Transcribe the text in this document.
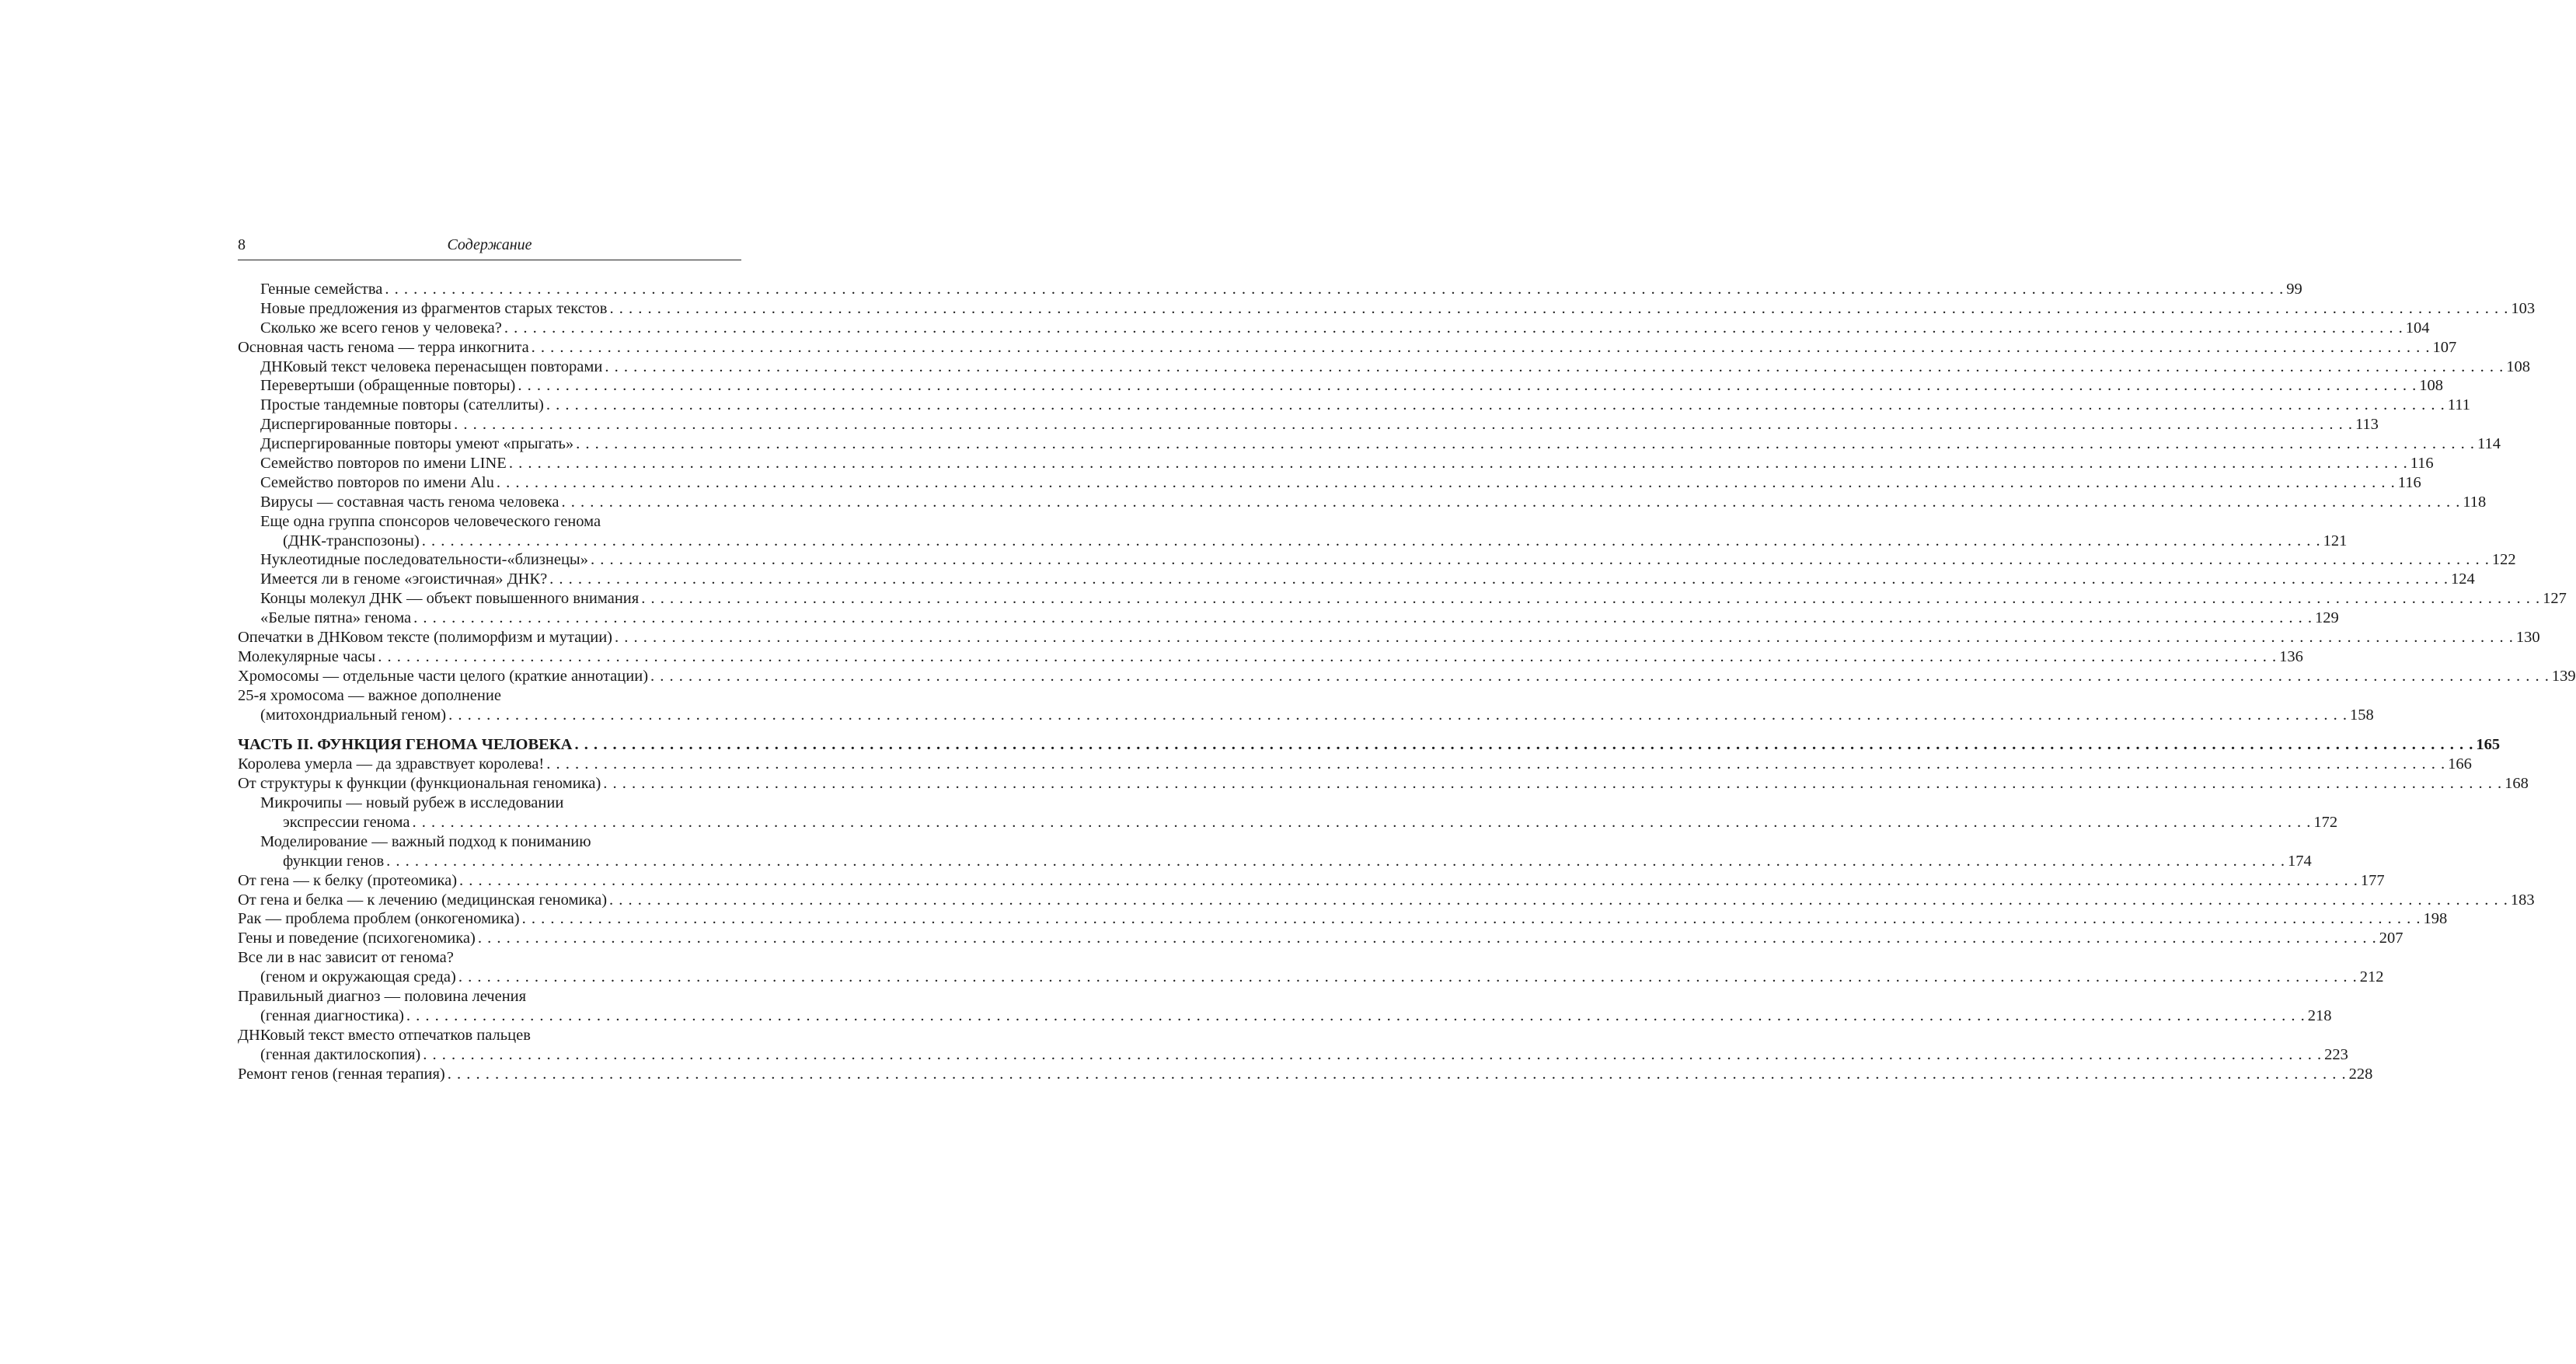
8	Содержание
Генные семейства . . . . . . . . . . . . . . . . . . . . . . . . . . . . . . . . . . . . . . . . . . . . . . . . . . . . . . . . . . . . . . . . . . . . . . . . . . . . . . . . . . . . . . . . . . . . . . . . . . . . . . . . . . . . . . . . . . . . . . . . . . . . . . . . . . . . . . . . . . . . . . . . . . . . . . . . . . . . . . . . . . . . . . . . . . . . . . . . . . . . . . . . . . . . . . . . . . . . . . . . 99
Новые предложения из фрагментов старых текстов . . . . . . . . . . . . . . . . . . . . . . . . . . . . . . . . . . . . . . . . . . . . . . . . . . . . . . . . . . . . . . . . . . . . . . . . . . . . . . . . . . . . . . . . . . . . . . . . . . . . . . . . . . . . . . . . . . . . . . . . . . . . . . . . . . . . . . . . . . . . . . . . . . . . . . . . . . . . . . . . . . . . . . . . . . . . . . . . . . . . . . . . . . . . . . . . . . . . . . . . 103
Сколько же всего генов у человека? . . . . . . . . . . . . . . . . . . . . . . . . . . . . . . . . . . . . . . . . . . . . . . . . . . . . . . . . . . . . . . . . . . . . . . . . . . . . . . . . . . . . . . . . . . . . . . . . . . . . . . . . . . . . . . . . . . . . . . . . . . . . . . . . . . . . . . . . . . . . . . . . . . . . . . . . . . . . . . . . . . . . . . . . . . . . . . . . . . . . . . . . . . . . . . . . . . . . . . . . 104
Основная часть генома — терра инкогнита . . . . . . . . . . . . . . . . . . . . . . . . . . . . . . . . . . . . . . . . . . . . . . . . . . . . . . . . . . . . . . . . . . . . . . . . . . . . . . . . . . . . . . . . . . . . . . . . . . . . . . . . . . . . . . . . . . . . . . . . . . . . . . . . . . . . . . . . . . . . . . . . . . . . . . . . . . . . . . . . . . . . . . . . . . . . . . . . . . . . . . . . . . . . . . . . . . . . . . . . 107
ДНКовый текст человека перенасыщен повторами . . . . . . . . . . . . . . . . . . . . . . . . . . . . . . . . . . . . . . . . . . . . . . . . . . . . . . . . . . . . . . . . . . . . . . . . . . . . . . . . . . . . . . . . . . . . . . . . . . . . . . . . . . . . . . . . . . . . . . . . . . . . . . . . . . . . . . . . . . . . . . . . . . . . . . . . . . . . . . . . . . . . . . . . . . . . . . . . . . . . . . . . . . . . . . . . . . . . . . . . 108
Перевертыши (обращенные повторы) . . . . . . . . . . . . . . . . . . . . . . . . . . . . . . . . . . . . . . . . . . . . . . . . . . . . . . . . . . . . . . . . . . . . . . . . . . . . . . . . . . . . . . . . . . . . . . . . . . . . . . . . . . . . . . . . . . . . . . . . . . . . . . . . . . . . . . . . . . . . . . . . . . . . . . . . . . . . . . . . . . . . . . . . . . . . . . . . . . . . . . . . . . . . . . . . . . . . . . . . 108
Простые тандемные повторы (сателлиты) . . . . . . . . . . . . . . . . . . . . . . . . . . . . . . . . . . . . . . . . . . . . . . . . . . . . . . . . . . . . . . . . . . . . . . . . . . . . . . . . . . . . . . . . . . . . . . . . . . . . . . . . . . . . . . . . . . . . . . . . . . . . . . . . . . . . . . . . . . . . . . . . . . . . . . . . . . . . . . . . . . . . . . . . . . . . . . . . . . . . . . . . . . . . . . . . . . . . . . . . 111
Диспергированные повторы . . . . . . . . . . . . . . . . . . . . . . . . . . . . . . . . . . . . . . . . . . . . . . . . . . . . . . . . . . . . . . . . . . . . . . . . . . . . . . . . . . . . . . . . . . . . . . . . . . . . . . . . . . . . . . . . . . . . . . . . . . . . . . . . . . . . . . . . . . . . . . . . . . . . . . . . . . . . . . . . . . . . . . . . . . . . . . . . . . . . . . . . . . . . . . . . . . . . . . . . 113
Диспергированные повторы умеют «прыгать» . . . . . . . . . . . . . . . . . . . . . . . . . . . . . . . . . . . . . . . . . . . . . . . . . . . . . . . . . . . . . . . . . . . . . . . . . . . . . . . . . . . . . . . . . . . . . . . . . . . . . . . . . . . . . . . . . . . . . . . . . . . . . . . . . . . . . . . . . . . . . . . . . . . . . . . . . . . . . . . . . . . . . . . . . . . . . . . . . . . . . . . . . . . . . . . . . . . . . . . . 114
Семейство повторов по имени LINE . . . . . . . . . . . . . . . . . . . . . . . . . . . . . . . . . . . . . . . . . . . . . . . . . . . . . . . . . . . . . . . . . . . . . . . . . . . . . . . . . . . . . . . . . . . . . . . . . . . . . . . . . . . . . . . . . . . . . . . . . . . . . . . . . . . . . . . . . . . . . . . . . . . . . . . . . . . . . . . . . . . . . . . . . . . . . . . . . . . . . . . . . . . . . . . . . . . . . . . . 116
Семейство повторов по имени Alu . . . . . . . . . . . . . . . . . . . . . . . . . . . . . . . . . . . . . . . . . . . . . . . . . . . . . . . . . . . . . . . . . . . . . . . . . . . . . . . . . . . . . . . . . . . . . . . . . . . . . . . . . . . . . . . . . . . . . . . . . . . . . . . . . . . . . . . . . . . . . . . . . . . . . . . . . . . . . . . . . . . . . . . . . . . . . . . . . . . . . . . . . . . . . . . . . . . . . . . . 116
Вирусы — составная часть генома человека . . . . . . . . . . . . . . . . . . . . . . . . . . . . . . . . . . . . . . . . . . . . . . . . . . . . . . . . . . . . . . . . . . . . . . . . . . . . . . . . . . . . . . . . . . . . . . . . . . . . . . . . . . . . . . . . . . . . . . . . . . . . . . . . . . . . . . . . . . . . . . . . . . . . . . . . . . . . . . . . . . . . . . . . . . . . . . . . . . . . . . . . . . . . . . . . . . . . . . . . 118
Еще одна группа спонсоров человеческого генома
(ДНК-транспозоны) . . . . . . . . . . . . . . . . . . . . . . . . . . . . . . . . . . . . . . . . . . . . . . . . . . . . . . . . . . . . . . . . . . . . . . . . . . . . . . . . . . . . . . . . . . . . . . . . . . . . . . . . . . . . . . . . . . . . . . . . . . . . . . . . . . . . . . . . . . . . . . . . . . . . . . . . . . . . . . . . . . . . . . . . . . . . . . . . . . . . . . . . . . . . . . . . . . . . . . . . 121
Нуклеотидные последовательности-«близнецы» . . . . . . . . . . . . . . . . . . . . . . . . . . . . . . . . . . . . . . . . . . . . . . . . . . . . . . . . . . . . . . . . . . . . . . . . . . . . . . . . . . . . . . . . . . . . . . . . . . . . . . . . . . . . . . . . . . . . . . . . . . . . . . . . . . . . . . . . . . . . . . . . . . . . . . . . . . . . . . . . . . . . . . . . . . . . . . . . . . . . . . . . . . . . . . . . . . . . . . . . 122
Имеется ли в геноме «эгоистичная» ДНК? . . . . . . . . . . . . . . . . . . . . . . . . . . . . . . . . . . . . . . . . . . . . . . . . . . . . . . . . . . . . . . . . . . . . . . . . . . . . . . . . . . . . . . . . . . . . . . . . . . . . . . . . . . . . . . . . . . . . . . . . . . . . . . . . . . . . . . . . . . . . . . . . . . . . . . . . . . . . . . . . . . . . . . . . . . . . . . . . . . . . . . . . . . . . . . . . . . . . . . . . 124
Концы молекул ДНК — объект повышенного внимания . . . . . . . . . . . . . . . . . . . . . . . . . . . . . . . . . . . . . . . . . . . . . . . . . . . . . . . . . . . . . . . . . . . . . . . . . . . . . . . . . . . . . . . . . . . . . . . . . . . . . . . . . . . . . . . . . . . . . . . . . . . . . . . . . . . . . . . . . . . . . . . . . . . . . . . . . . . . . . . . . . . . . . . . . . . . . . . . . . . . . . . . . . . . . . . . . . . . . . . . 127
«Белые пятна» генома . . . . . . . . . . . . . . . . . . . . . . . . . . . . . . . . . . . . . . . . . . . . . . . . . . . . . . . . . . . . . . . . . . . . . . . . . . . . . . . . . . . . . . . . . . . . . . . . . . . . . . . . . . . . . . . . . . . . . . . . . . . . . . . . . . . . . . . . . . . . . . . . . . . . . . . . . . . . . . . . . . . . . . . . . . . . . . . . . . . . . . . . . . . . . . . . . . . . . . . . 129
Опечатки в ДНКовом тексте (полиморфизм и мутации) . . . . . . . . . . . . . . . . . . . . . . . . . . . . . . . . . . . . . . . . . . . . . . . . . . . . . . . . . . . . . . . . . . . . . . . . . . . . . . . . . . . . . . . . . . . . . . . . . . . . . . . . . . . . . . . . . . . . . . . . . . . . . . . . . . . . . . . . . . . . . . . . . . . . . . . . . . . . . . . . . . . . . . . . . . . . . . . . . . . . . . . . . . . . . . . . . . . . . . . . 130
Молекулярные часы . . . . . . . . . . . . . . . . . . . . . . . . . . . . . . . . . . . . . . . . . . . . . . . . . . . . . . . . . . . . . . . . . . . . . . . . . . . . . . . . . . . . . . . . . . . . . . . . . . . . . . . . . . . . . . . . . . . . . . . . . . . . . . . . . . . . . . . . . . . . . . . . . . . . . . . . . . . . . . . . . . . . . . . . . . . . . . . . . . . . . . . . . . . . . . . . . . . . . . . . 136
Хромосомы — отдельные части целого (краткие аннотации) . . . . . . . . . . . . . . . . . . . . . . . . . . . . . . . . . . . . . . . . . . . . . . . . . . . . . . . . . . . . . . . . . . . . . . . . . . . . . . . . . . . . . . . . . . . . . . . . . . . . . . . . . . . . . . . . . . . . . . . . . . . . . . . . . . . . . . . . . . . . . . . . . . . . . . . . . . . . . . . . . . . . . . . . . . . . . . . . . . . . . . . . . . . . . . . . . . . . . . . . 139
25-я хромосома — важное дополнение
(митохондриальный геном) . . . . . . . . . . . . . . . . . . . . . . . . . . . . . . . . . . . . . . . . . . . . . . . . . . . . . . . . . . . . . . . . . . . . . . . . . . . . . . . . . . . . . . . . . . . . . . . . . . . . . . . . . . . . . . . . . . . . . . . . . . . . . . . . . . . . . . . . . . . . . . . . . . . . . . . . . . . . . . . . . . . . . . . . . . . . . . . . . . . . . . . . . . . . . . . . . . . . . . . . 158
ЧАСТЬ II. ФУНКЦИЯ ГЕНОМА ЧЕЛОВЕКА . . . . . . . . . . . . . . . . . . . . . . . . . . . . . . . . . . . . . . . . . . . . . . . . . . . . . . . . . . . . . . . . . . . . . . . . . . . . . . . . . . . . . . . . . . . . . . . . . . . . . . . . . . . . . . . . . . . . . . . . . . . . . . . . . . . . . . . . . . . . . . . . . . . . . . . . . . . . . . . . . . . . . . . . . . . . . . . . . . . . . . . . . . . . . . . . . . . . . . . . 165
Королева умерла — да здравствует королева! . . . . . . . . . . . . . . . . . . . . . . . . . . . . . . . . . . . . . . . . . . . . . . . . . . . . . . . . . . . . . . . . . . . . . . . . . . . . . . . . . . . . . . . . . . . . . . . . . . . . . . . . . . . . . . . . . . . . . . . . . . . . . . . . . . . . . . . . . . . . . . . . . . . . . . . . . . . . . . . . . . . . . . . . . . . . . . . . . . . . . . . . . . . . . . . . . . . . . . . . 166
От структуры к функции (функциональная геномика) . . . . . . . . . . . . . . . . . . . . . . . . . . . . . . . . . . . . . . . . . . . . . . . . . . . . . . . . . . . . . . . . . . . . . . . . . . . . . . . . . . . . . . . . . . . . . . . . . . . . . . . . . . . . . . . . . . . . . . . . . . . . . . . . . . . . . . . . . . . . . . . . . . . . . . . . . . . . . . . . . . . . . . . . . . . . . . . . . . . . . . . . . . . . . . . . . . . . . . . . 168
Микрочипы — новый рубеж в исследовании
экспрессии генома . . . . . . . . . . . . . . . . . . . . . . . . . . . . . . . . . . . . . . . . . . . . . . . . . . . . . . . . . . . . . . . . . . . . . . . . . . . . . . . . . . . . . . . . . . . . . . . . . . . . . . . . . . . . . . . . . . . . . . . . . . . . . . . . . . . . . . . . . . . . . . . . . . . . . . . . . . . . . . . . . . . . . . . . . . . . . . . . . . . . . . . . . . . . . . . . . . . . . . . . 172
Моделирование — важный подход к пониманию
функции генов . . . . . . . . . . . . . . . . . . . . . . . . . . . . . . . . . . . . . . . . . . . . . . . . . . . . . . . . . . . . . . . . . . . . . . . . . . . . . . . . . . . . . . . . . . . . . . . . . . . . . . . . . . . . . . . . . . . . . . . . . . . . . . . . . . . . . . . . . . . . . . . . . . . . . . . . . . . . . . . . . . . . . . . . . . . . . . . . . . . . . . . . . . . . . . . . . . . . . . . . 174
От гена — к белку (протеомика) . . . . . . . . . . . . . . . . . . . . . . . . . . . . . . . . . . . . . . . . . . . . . . . . . . . . . . . . . . . . . . . . . . . . . . . . . . . . . . . . . . . . . . . . . . . . . . . . . . . . . . . . . . . . . . . . . . . . . . . . . . . . . . . . . . . . . . . . . . . . . . . . . . . . . . . . . . . . . . . . . . . . . . . . . . . . . . . . . . . . . . . . . . . . . . . . . . . . . . . . 177
От гена и белка — к лечению (медицинская геномика) . . . . . . . . . . . . . . . . . . . . . . . . . . . . . . . . . . . . . . . . . . . . . . . . . . . . . . . . . . . . . . . . . . . . . . . . . . . . . . . . . . . . . . . . . . . . . . . . . . . . . . . . . . . . . . . . . . . . . . . . . . . . . . . . . . . . . . . . . . . . . . . . . . . . . . . . . . . . . . . . . . . . . . . . . . . . . . . . . . . . . . . . . . . . . . . . . . . . . . . . 183
Рак — проблема проблем (онкогеномика) . . . . . . . . . . . . . . . . . . . . . . . . . . . . . . . . . . . . . . . . . . . . . . . . . . . . . . . . . . . . . . . . . . . . . . . . . . . . . . . . . . . . . . . . . . . . . . . . . . . . . . . . . . . . . . . . . . . . . . . . . . . . . . . . . . . . . . . . . . . . . . . . . . . . . . . . . . . . . . . . . . . . . . . . . . . . . . . . . . . . . . . . . . . . . . . . . . . . . . . . 198
Гены и поведение (психогеномика) . . . . . . . . . . . . . . . . . . . . . . . . . . . . . . . . . . . . . . . . . . . . . . . . . . . . . . . . . . . . . . . . . . . . . . . . . . . . . . . . . . . . . . . . . . . . . . . . . . . . . . . . . . . . . . . . . . . . . . . . . . . . . . . . . . . . . . . . . . . . . . . . . . . . . . . . . . . . . . . . . . . . . . . . . . . . . . . . . . . . . . . . . . . . . . . . . . . . . . . . 207
Все ли в нас зависит от генома?
(геном и окружающая среда) . . . . . . . . . . . . . . . . . . . . . . . . . . . . . . . . . . . . . . . . . . . . . . . . . . . . . . . . . . . . . . . . . . . . . . . . . . . . . . . . . . . . . . . . . . . . . . . . . . . . . . . . . . . . . . . . . . . . . . . . . . . . . . . . . . . . . . . . . . . . . . . . . . . . . . . . . . . . . . . . . . . . . . . . . . . . . . . . . . . . . . . . . . . . . . . . . . . . . . . . 212
Правильный диагноз — половина лечения
(генная диагностика) . . . . . . . . . . . . . . . . . . . . . . . . . . . . . . . . . . . . . . . . . . . . . . . . . . . . . . . . . . . . . . . . . . . . . . . . . . . . . . . . . . . . . . . . . . . . . . . . . . . . . . . . . . . . . . . . . . . . . . . . . . . . . . . . . . . . . . . . . . . . . . . . . . . . . . . . . . . . . . . . . . . . . . . . . . . . . . . . . . . . . . . . . . . . . . . . . . . . . . . . 218
ДНКовый текст вместо отпечатков пальцев
(генная дактилоскопия) . . . . . . . . . . . . . . . . . . . . . . . . . . . . . . . . . . . . . . . . . . . . . . . . . . . . . . . . . . . . . . . . . . . . . . . . . . . . . . . . . . . . . . . . . . . . . . . . . . . . . . . . . . . . . . . . . . . . . . . . . . . . . . . . . . . . . . . . . . . . . . . . . . . . . . . . . . . . . . . . . . . . . . . . . . . . . . . . . . . . . . . . . . . . . . . . . . . . . . . . 223
Ремонт генов (генная терапия) . . . . . . . . . . . . . . . . . . . . . . . . . . . . . . . . . . . . . . . . . . . . . . . . . . . . . . . . . . . . . . . . . . . . . . . . . . . . . . . . . . . . . . . . . . . . . . . . . . . . . . . . . . . . . . . . . . . . . . . . . . . . . . . . . . . . . . . . . . . . . . . . . . . . . . . . . . . . . . . . . . . . . . . . . . . . . . . . . . . . . . . . . . . . . . . . . . . . . . . . 228
